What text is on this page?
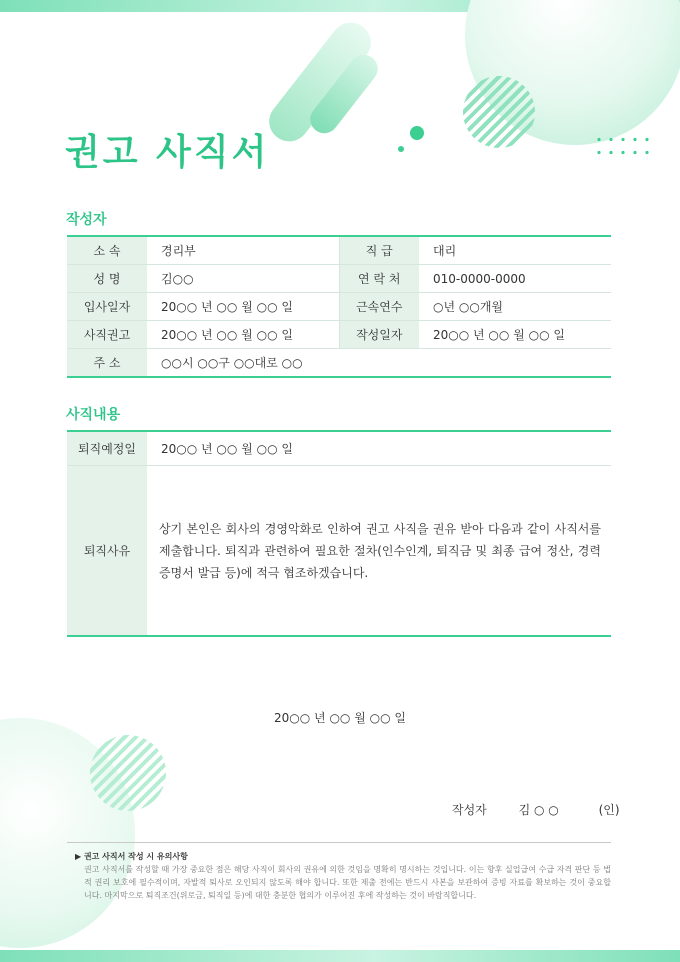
권고 사직서
작성자
소 속	경리부	직 급	대리
성 명	김○○	연 락 처	010-0000-0000
입사일자	20○○ 년 ○○ 월 ○○ 일	근속연수	○년 ○○개월
사직권고	20○○ 년 ○○ 월 ○○ 일	작성일자	20○○ 년 ○○ 월 ○○ 일
주 소	○○시 ○○구 ○○대로 ○○		
사직내용
퇴직예정일	20○○ 년 ○○ 월 ○○ 일
퇴직사유	상기 본인은 회사의 경영악화로 인하여 권고 사직을 권유 받아 다음과 같이 사직서를 제출합니다. 퇴직과 관련하여 필요한 절차(인수인계, 퇴직금 및 최종 급여 정산, 경력증명서 발급 등)에 적극 협조하겠습니다.
20○○ 년 ○○ 월 ○○ 일
작성자	김 ○ ○	(인)

▶ 권고 사직서 작성 시 유의사항

권고 사직서를 작성할 때 가장 중요한 점은 해당 사직이 회사의 권유에 의한 것임을 명확히 명시하는 것입니다. 이는 향후 실업급여 수급 자격 판단 등 법적 권리 보호에 필수적이며, 자발적 퇴사로 오인되지 않도록 해야 합니다. 또한 제출 전에는 반드시 사본을 보관하여 증빙 자료를 확보하는 것이 중요합니다. 마지막으로 퇴직조건(위로금, 퇴직일 등)에 대한 충분한 협의가 이루어진 후에 작성하는 것이 바람직합니다.
